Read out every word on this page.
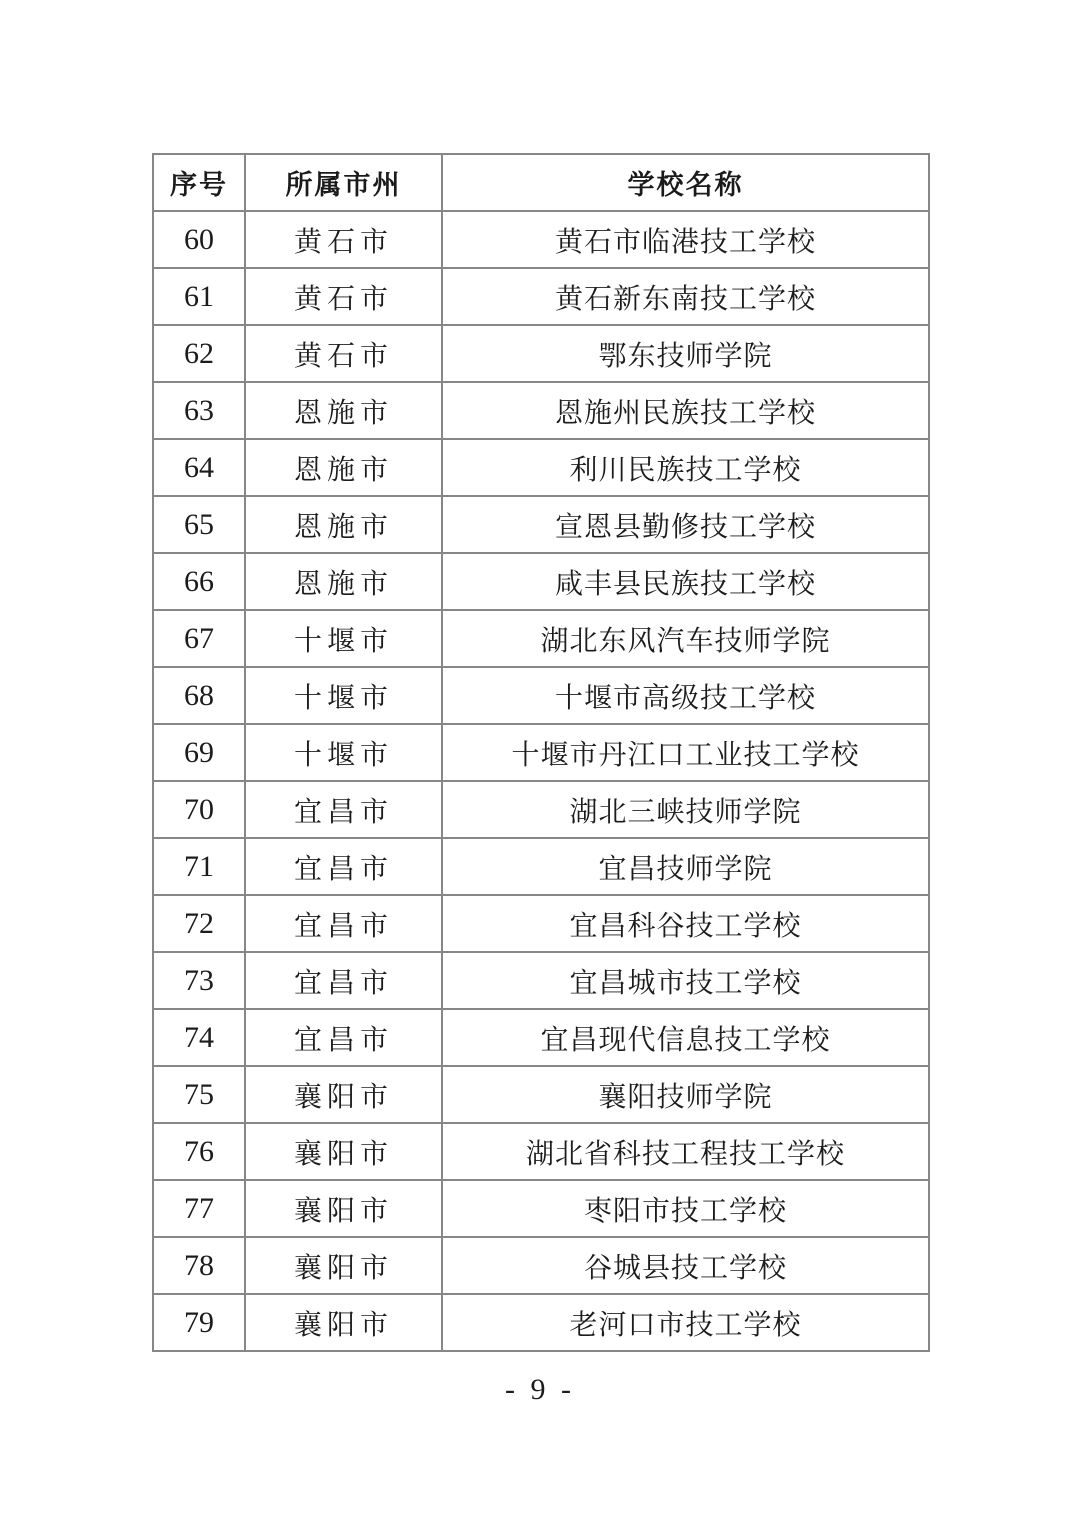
序号	所属市州	学校名称
60	黄石市	黄石市临港技工学校
61	黄石市	黄石新东南技工学校
62	黄石市	鄂东技师学院
63	恩施市	恩施州民族技工学校
64	恩施市	利川民族技工学校
65	恩施市	宣恩县勤修技工学校
66	恩施市	咸丰县民族技工学校
67	十堰市	湖北东风汽车技师学院
68	十堰市	十堰市高级技工学校
69	十堰市	十堰市丹江口工业技工学校
70	宜昌市	湖北三峡技师学院
71	宜昌市	宜昌技师学院
72	宜昌市	宜昌科谷技工学校
73	宜昌市	宜昌城市技工学校
74	宜昌市	宜昌现代信息技工学校
75	襄阳市	襄阳技师学院
76	襄阳市	湖北省科技工程技工学校
77	襄阳市	枣阳市技工学校
78	襄阳市	谷城县技工学校
79	襄阳市	老河口市技工学校
- 9 -
